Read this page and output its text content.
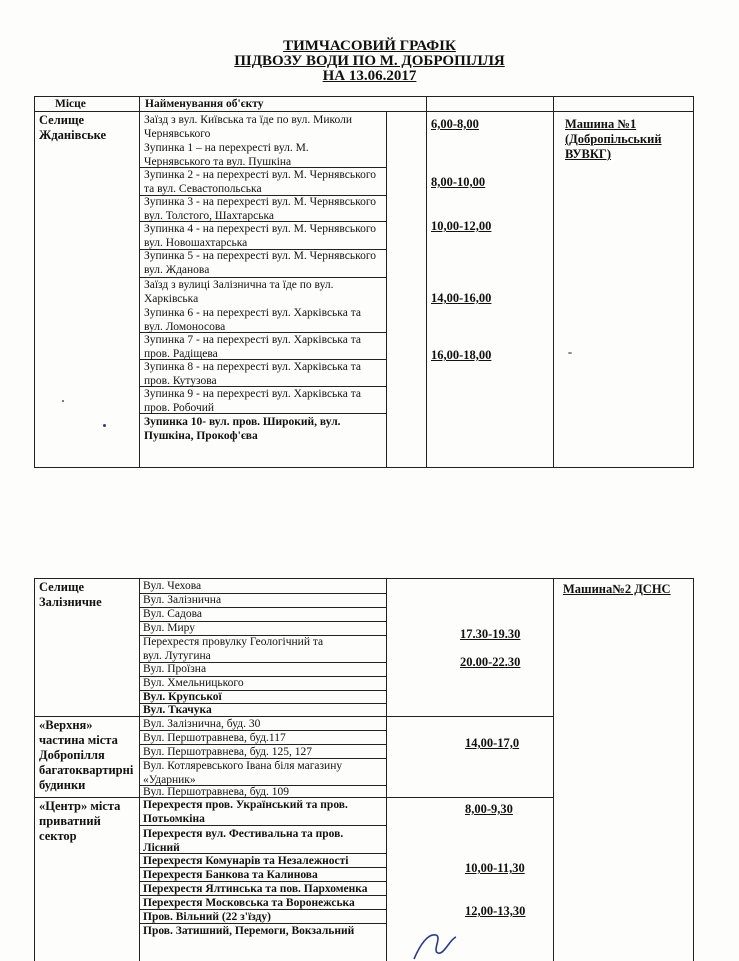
ТИМЧАСОВИЙ ГРАФІК
ПІДВОЗУ ВОДИ ПО М. ДОБРОПІЛЛЯ
НА 13.06.2017
Місце	Найменування об'єкту
Селище
Жданівське
Заїзд з вул. Київська та їде по вул. Миколи
Чернявського
Зупинка 1 – на перехресті вул. М.
Чернявського та вул. Пушкіна
Зупинка 2 - на перехресті вул. М. Чернявського
та вул. Севастопольська
Зупинка 3 - на перехресті вул. М. Чернявського
вул. Толстого, Шахтарська
Зупинка 4 - на перехресті вул. М. Чернявського
вул. Новошахтарська
Зупинка 5 - на перехресті вул. М. Чернявського
вул. Жданова
Заїзд з вулиці Залізнична та їде по вул.
Харківська
Зупинка 6 - на перехресті вул. Харківська та
вул. Ломоносова
Зупинка 7 - на перехресті вул. Харківська та
пров. Радіщева
Зупинка 8 - на перехресті вул. Харківська та
пров. Кутузова
Зупинка 9 - на перехресті вул. Харківська та
пров. Робочий
Зупинка 10- вул. пров. Широкий, вул.
Пушкіна, Прокоф'єва
6,00-8,00
8,00-10,00
10,00-12,00
14,00-16,00
16,00-18,00
Машина №1
(Добропільський
ВУВКГ)
Селище
Залізничне
Вул. Чехова
Вул. Залізнична
Вул. Садова
Вул. Миру
Перехрестя провулку Геологічний та
вул. Лутугина
Вул. Проїзна
Вул. Хмельницького
Вул. Крупської
Вул. Ткачука
17.30-19.30
20.00-22.30
Машина№2 ДСНС
«Верхня»
частина міста
Добропілля
багатоквартирні
будинки
Вул. Залізнична, буд. 30
Вул. Першотравнева, буд.117
Вул. Першотравнева, буд. 125, 127
Вул. Котляревського Івана біля магазину
«Ударник»
Вул. Першотравнева, буд. 109
14,00-17,0
«Центр» міста
приватний
сектор
Перехрестя пров. Український та пров.
Потьомкіна
Перехрестя вул. Фестивальна та пров.
Лісний
Перехрестя Комунарів та Незалежності
Перехрестя Банкова та Калинова
Перехрестя Ялтинська та пов. Пархоменка
Перехрестя Московська та Воронежська
Пров. Вільний (22 з'їзду)
Пров. Затишний, Перемоги, Вокзальний
8,00-9,30
10,00-11,30
12,00-13,30
